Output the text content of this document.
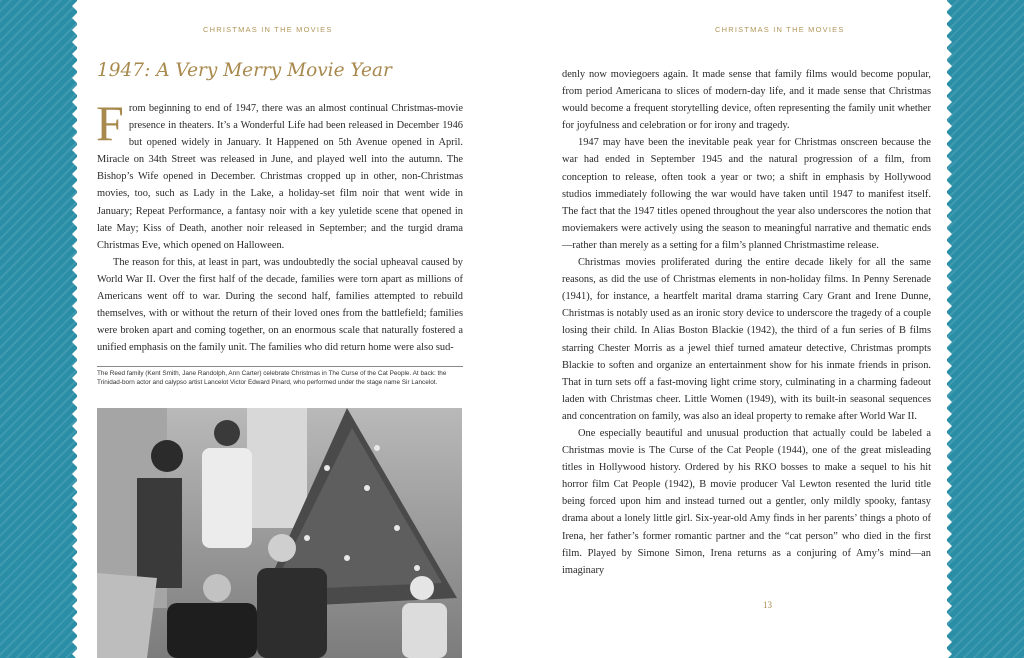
CHRISTMAS IN THE MOVIES
1947: A Very Merry Movie Year

From beginning to end of 1947, there was an almost continual Christmas-movie presence in theaters. It’s a Wonderful Life had been released in December 1946 but opened widely in January. It Happened on 5th Avenue opened in April. Miracle on 34th Street was released in June, and played well into the autumn. The Bishop’s Wife opened in December. Christmas cropped up in other, non-Christmas movies, too, such as Lady in the Lake, a holiday-set film noir that went wide in January; Repeat Performance, a fantasy noir with a key yuletide scene that opened in late May; Kiss of Death, another noir released in September; and the turgid drama Christmas Eve, which opened on Halloween.

The reason for this, at least in part, was undoubtedly the social upheaval caused by World War II. Over the first half of the decade, families were torn apart as millions of Americans went off to war. During the second half, families attempted to rebuild themselves, with or without the return of their loved ones from the battlefield; families were broken apart and coming together, on an enormous scale that naturally fostered a unified emphasis on the family unit. The families who did return home were also sud-

The Reed family (Kent Smith, Jane Randolph, Ann Carter) celebrate Christmas in The Curse of the Cat People. At back: the Trinidad-born actor and calypso artist Lancelot Victor Edward Pinard, who performed under the stage name Sir Lancelot.
CHRISTMAS IN THE MOVIES

denly now moviegoers again. It made sense that family films would become popular, from period Americana to slices of modern-day life, and it made sense that Christmas would become a frequent storytelling device, often representing the family unit whether for joyfulness and celebration or for irony and tragedy.

1947 may have been the inevitable peak year for Christmas onscreen because the war had ended in September 1945 and the natural progression of a film, from conception to release, often took a year or two; a shift in emphasis by Hollywood studios immediately following the war would have taken until 1947 to manifest itself. The fact that the 1947 titles opened throughout the year also underscores the notion that moviemakers were actively using the season to meaningful narrative and thematic ends—rather than merely as a setting for a film’s planned Christmastime release.

Christmas movies proliferated during the entire decade likely for all the same reasons, as did the use of Christmas elements in non-holiday films. In Penny Serenade (1941), for instance, a heartfelt marital drama starring Cary Grant and Irene Dunne, Christmas is notably used as an ironic story device to underscore the tragedy of a couple losing their child. In Alias Boston Blackie (1942), the third of a fun series of B films starring Chester Morris as a jewel thief turned amateur detective, Christmas prompts Blackie to soften and organize an entertainment show for his inmate friends in prison. That in turn sets off a fast-moving light crime story, culminating in a charming fadeout laden with Christmas cheer. Little Women (1949), with its built-in seasonal sequences and concentration on family, was also an ideal property to remake after World War II.

One especially beautiful and unusual production that actually could be labeled a Christmas movie is The Curse of the Cat People (1944), one of the great misleading titles in Hollywood history. Ordered by his RKO bosses to make a sequel to his hit horror film Cat People (1942), B movie producer Val Lewton resented the lurid title being forced upon him and instead turned out a gentler, only mildly spooky, fantasy drama about a lonely little girl. Six-year-old Amy finds in her parents’ things a photo of Irena, her father’s former romantic partner and the “cat person” who died in the first film. Played by Simone Simon, Irena returns as a conjuring of Amy’s mind—an imaginary

13
